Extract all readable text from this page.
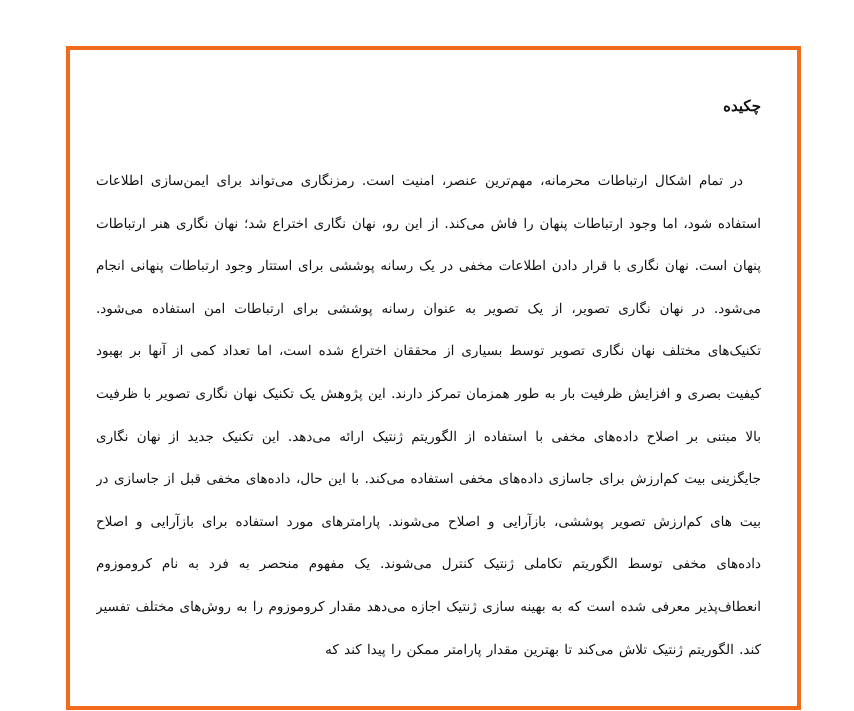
چکیده

در تمام اشکال ارتباطات محرمانه، مهم‌ترین عنصر، امنیت است. رمزنگاری می‌تواند برای ایمن‌سازی اطلاعات استفاده شود، اما وجود ارتباطات پنهان را فاش می‌کند. از این رو، نهان نگاری اختراع شد؛ نهان نگاری هنر ارتباطات پنهان است. نهان نگاری با قرار دادن اطلاعات مخفی در یک رسانه پوششی برای استتار وجود ارتباطات پنهانی انجام می‌شود. در نهان نگاری تصویر، از یک تصویر به عنوان رسانه پوششی برای ارتباطات امن استفاده می‌شود. تکنیک‌های مختلف نهان نگاری تصویر توسط بسیاری از محققان اختراع شده است، اما تعداد کمی از آنها بر بهبود کیفیت بصری و افزایش ظرفیت بار به طور همزمان تمرکز دارند. این پژوهش یک تکنیک نهان نگاری تصویر با ظرفیت بالا مبتنی بر اصلاح داده‌های مخفی با استفاده از الگوریتم ژنتیک ارائه می‌دهد. این تکنیک جدید از نهان نگاری جایگزینی بیت کم‌ارزش برای جاسازی داده‌های مخفی استفاده می‌کند. با این حال، داده‌های مخفی قبل از جاسازی در بیت های کم‌ارزش تصویر پوششی، بازآرایی و اصلاح می‌شوند. پارامترهای مورد استفاده برای بازآرایی و اصلاح داده‌های مخفی توسط الگوریتم تکاملی ژنتیک کنترل می‌شوند. یک مفهوم منحصر به فرد به نام کروموزوم انعطاف‌پذیر معرفی شده است که به بهینه سازی ژنتیک اجازه می‌دهد مقدار کروموزوم را به روش‌های مختلف تفسیر کند. الگوریتم ژنتیک تلاش می‌کند تا بهترین مقدار پارامتر ممکن را پیدا کند که
